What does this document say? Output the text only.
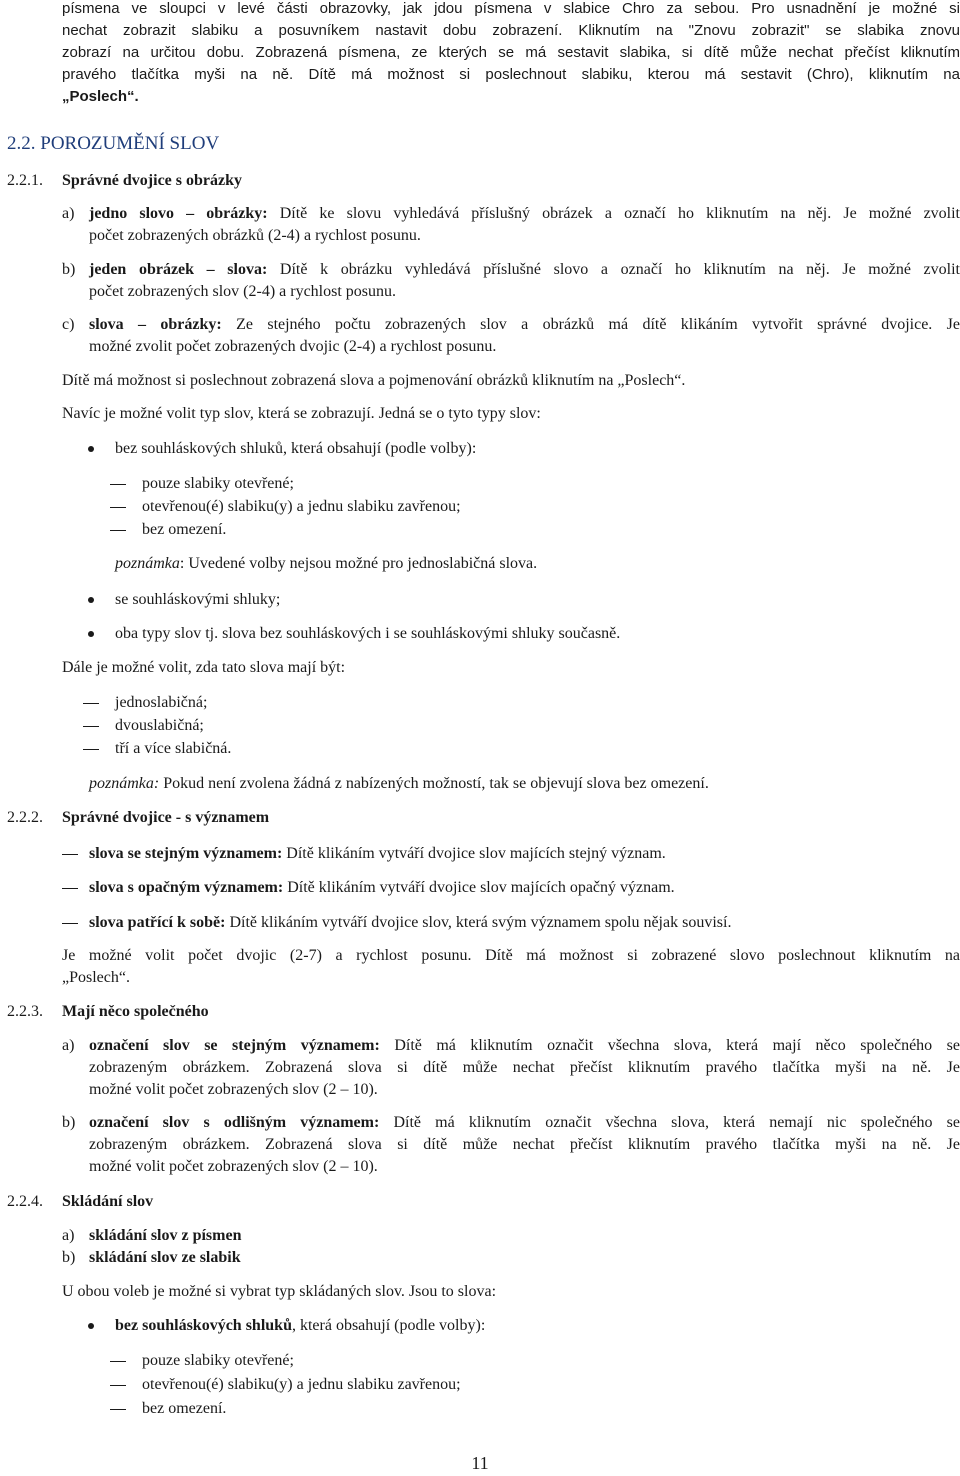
písmena ve sloupci v levé části obrazovky, jak jdou písmena v slabice Chro za sebou. Pro usnadnění je možné si
nechat zobrazit slabiku a posuvníkem nastavit dobu zobrazení. Kliknutím na "Znovu zobrazit" se slabika znovu
zobrazí na určitou dobu. Zobrazená písmena, ze kterých se má sestavit slabika, si dítě může nechat přečíst kliknutím
pravého tlačítka myši na ně. Dítě má možnost si poslechnout slabiku, kterou má sestavit (Chro), kliknutím na
„Poslech“.
2.2. POROZUMĚNÍ SLOV
2.2.1. Správné dvojice s obrázky
a) jedno slovo – obrázky: Dítě ke slovu vyhledává příslušný obrázek a označí ho kliknutím na něj. Je možné zvolit
počet zobrazených obrázků (2-4) a rychlost posunu.
b) jeden obrázek – slova: Dítě k obrázku vyhledává příslušné slovo a označí ho kliknutím na něj. Je možné zvolit
počet zobrazených slov (2-4) a rychlost posunu.
c) slova – obrázky: Ze stejného počtu zobrazených slov a obrázků má dítě klikáním vytvořit správné dvojice. Je
možné zvolit počet zobrazených dvojic (2-4) a rychlost posunu.
Dítě má možnost si poslechnout zobrazená slova a pojmenování obrázků kliknutím na „Poslech“.
Navíc je možné volit typ slov, která se zobrazují. Jedná se o tyto typy slov:
bez souhláskových shluků, která obsahují (podle volby):
pouze slabiky otevřené;
otevřenou(é) slabiku(y) a jednu slabiku zavřenou;
bez omezení.
poznámka: Uvedené volby nejsou možné pro jednoslabičná slova.
se souhláskovými shluky;
oba typy slov tj. slova bez souhláskových i se souhláskovými shluky současně.
Dále je možné volit, zda tato slova mají být:
jednoslabičná;
dvouslabičná;
tří a více slabičná.
poznámka: Pokud není zvolena žádná z nabízených možností, tak se objevují slova bez omezení.
2.2.2. Správné dvojice - s významem
slova se stejným významem: Dítě klikáním vytváří dvojice slov majících stejný význam.
slova s opačným významem: Dítě klikáním vytváří dvojice slov majících opačný význam.
slova patřící k sobě: Dítě klikáním vytváří dvojice slov, která svým významem spolu nějak souvisí.
Je možné volit počet dvojic (2-7) a rychlost posunu. Dítě má možnost si zobrazené slovo poslechnout kliknutím na
„Poslech“.
2.2.3. Mají něco společného
a) označení slov se stejným významem: Dítě má kliknutím označit všechna slova, která mají něco společného se
zobrazeným obrázkem. Zobrazená slova si dítě může nechat přečíst kliknutím pravého tlačítka myši na ně. Je
možné volit počet zobrazených slov (2 – 10).
b) označení slov s odlišným významem: Dítě má kliknutím označit všechna slova, která nemají nic společného se
zobrazeným obrázkem. Zobrazená slova si dítě může nechat přečíst kliknutím pravého tlačítka myši na ně. Je
možné volit počet zobrazených slov (2 – 10).
2.2.4. Skládání slov
a) skládání slov z písmen
b) skládání slov ze slabik
U obou voleb je možné si vybrat typ skládaných slov. Jsou to slova:
bez souhláskových shluků, která obsahují (podle volby):
pouze slabiky otevřené;
otevřenou(é) slabiku(y) a jednu slabiku zavřenou;
bez omezení.
11
